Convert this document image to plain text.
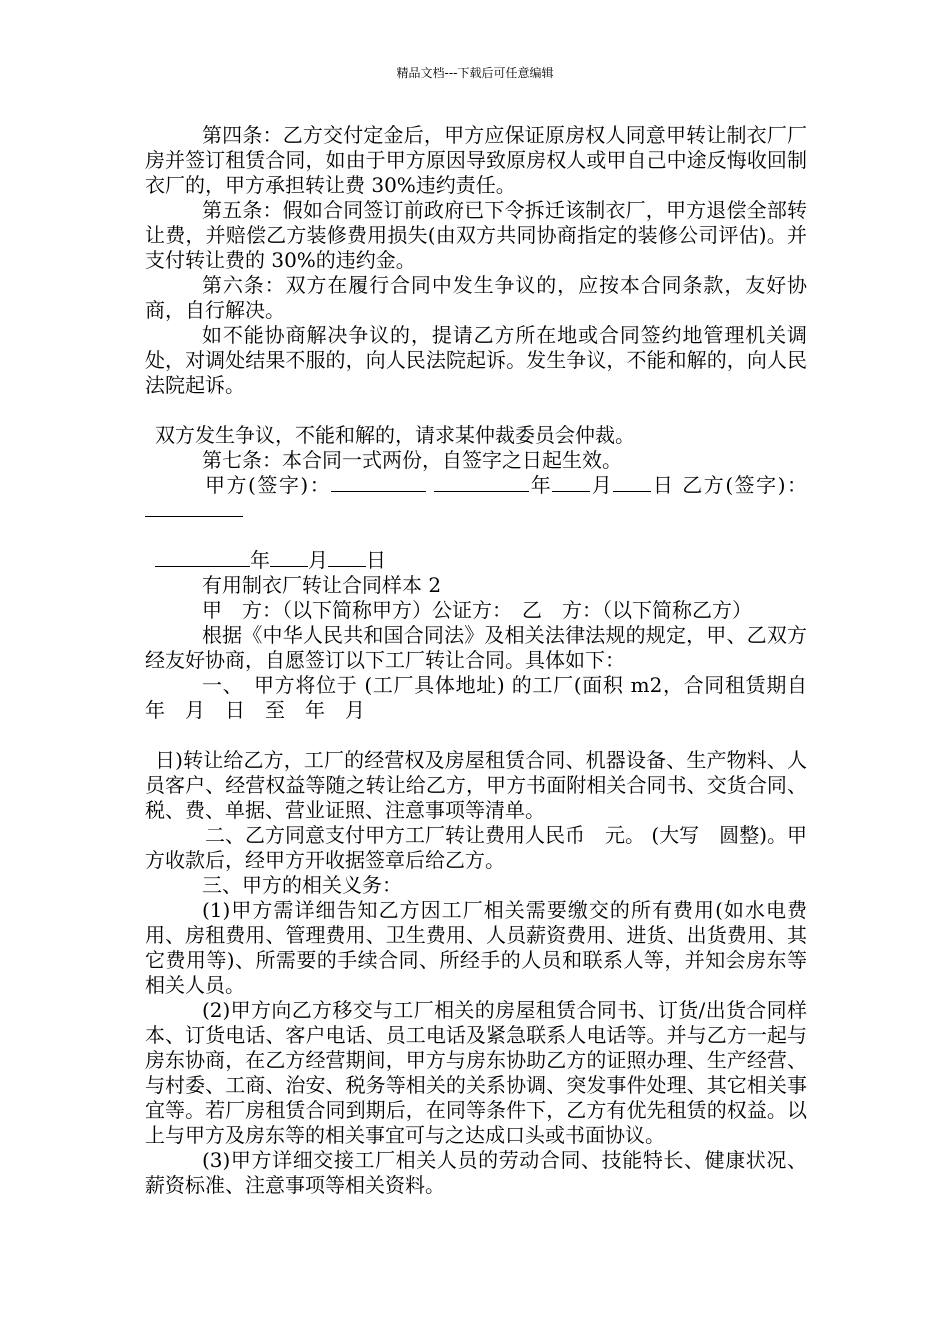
精品文档---下载后可任意编辑

第四条：乙方交付定金后，甲方应保证原房权人同意甲转让制衣厂厂房并签订租赁合同，如由于甲方原因导致原房权人或甲自己中途反悔收回制衣厂的，甲方承担转让费 30%违约责任。

第五条：假如合同签订前政府已下令拆迁该制衣厂，甲方退偿全部转让费，并赔偿乙方装修费用损失(由双方共同协商指定的装修公司评估)。并支付转让费的 30%的违约金。

第六条：双方在履行合同中发生争议的，应按本合同条款，友好协商，自行解决。

如不能协商解决争议的，提请乙方所在地或合同签约地管理机关调处，对调处结果不服的，向人民法院起诉。发生争议，不能和解的，向人民法院起诉。

双方发生争议，不能和解的，请求某仲裁委员会仲裁。

第七条：本合同一式两份，自签字之日起生效。

甲方(签字)：	年 月 日 乙方(签字)：

年 月 日

有用制衣厂转让合同样本 2

甲　方：（以下简称甲方）公证方：　乙　方：（以下简称乙方）

根据《中华人民共和国合同法》及相关法律法规的规定，甲、乙双方经友好协商，自愿签订以下工厂转让合同。具体如下：

一、　甲方将位于 (工厂具体地址) 的工厂(面积 m2，合同租赁期自　年　月　日　至　年　月

日)转让给乙方，工厂的经营权及房屋租赁合同、机器设备、生产物料、人员客户、经营权益等随之转让给乙方，甲方书面附相关合同书、交货合同、税、费、单据、营业证照、注意事项等清单。

二、乙方同意支付甲方工厂转让费用人民币　元。 (大写　圆整)。甲方收款后，经甲方开收据签章后给乙方。

三、甲方的相关义务：

(1)甲方需详细告知乙方因工厂相关需要缴交的所有费用(如水电费用、房租费用、管理费用、卫生费用、人员薪资费用、进货、出货费用、其它费用等)、所需要的手续合同、所经手的人员和联系人等，并知会房东等相关人员。

(2)甲方向乙方移交与工厂相关的房屋租赁合同书、订货/出货合同样本、订货电话、客户电话、员工电话及紧急联系人电话等。并与乙方一起与房东协商，在乙方经营期间，甲方与房东协助乙方的证照办理、生产经营、与村委、工商、治安、税务等相关的关系协调、突发事件处理、其它相关事宜等。若厂房租赁合同到期后，在同等条件下，乙方有优先租赁的权益。以上与甲方及房东等的相关事宜可与之达成口头或书面协议。

(3)甲方详细交接工厂相关人员的劳动合同、技能特长、健康状况、薪资标准、注意事项等相关资料。
